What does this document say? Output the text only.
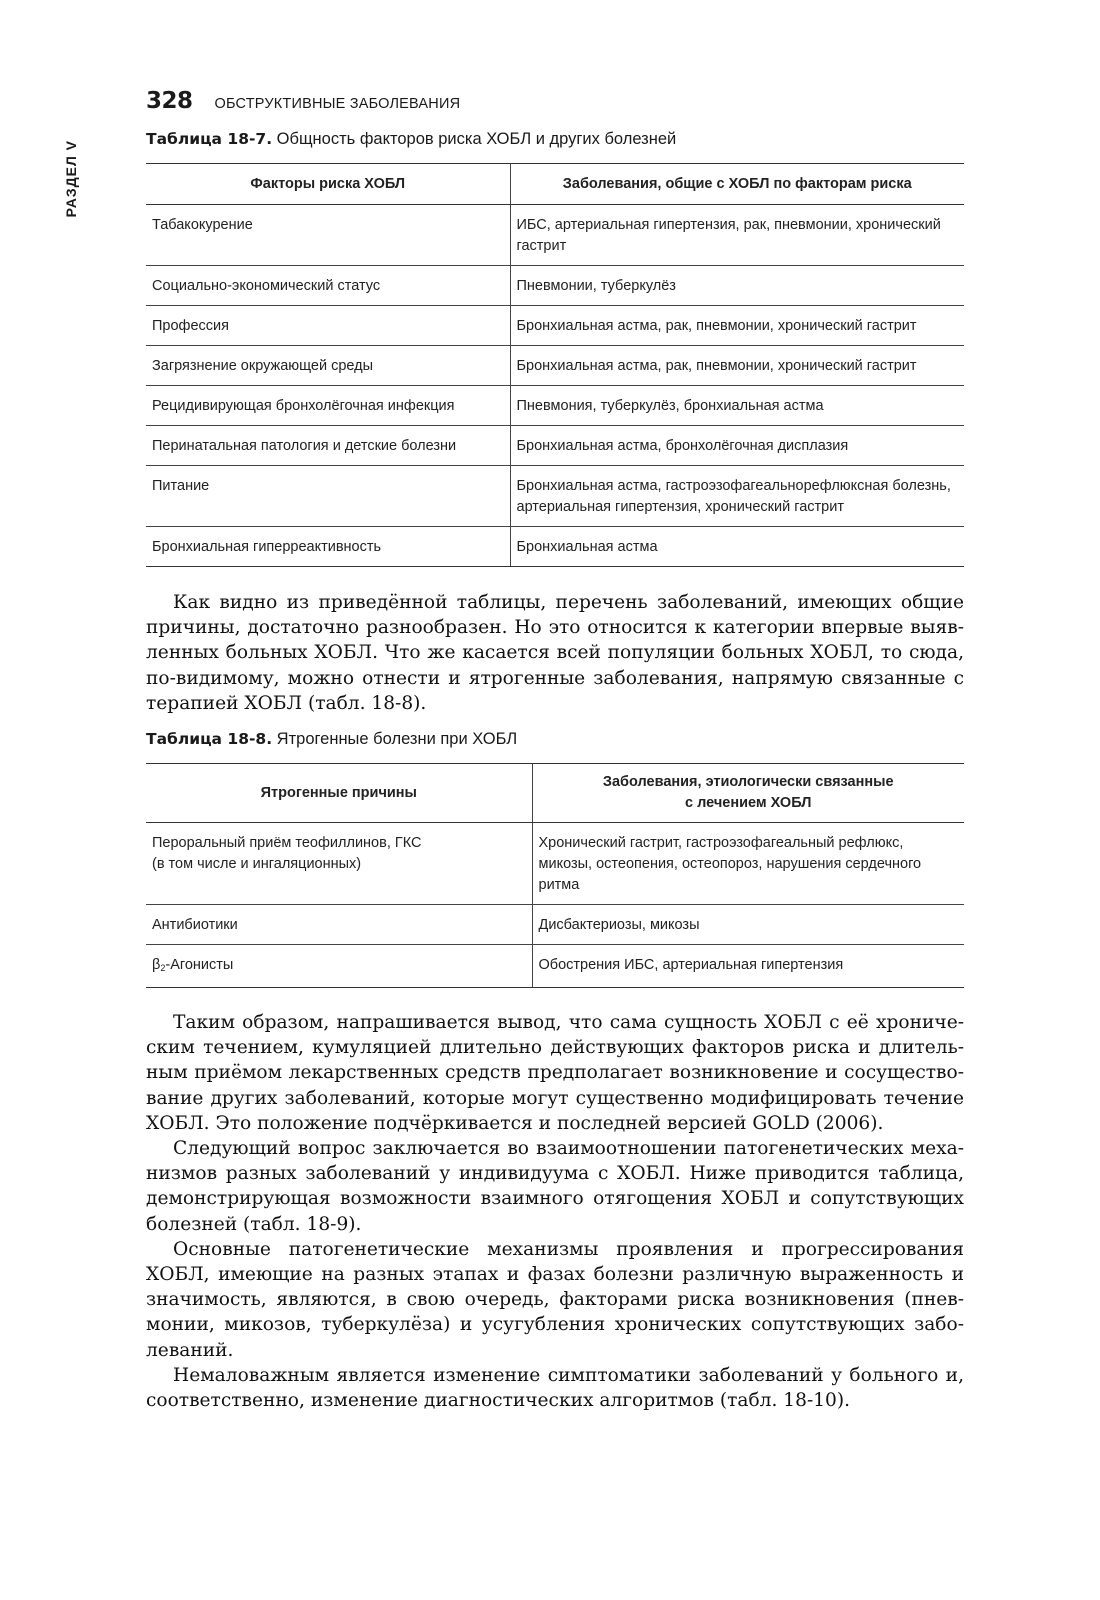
РАЗДЕЛ V
328 ОБСТРУКТИВНЫЕ ЗАБОЛЕВАНИЯ
Таблица 18-7. Общность факторов риска ХОБЛ и других болезней
Факторы риска ХОБЛ	Заболевания, общие с ХОБЛ по факторам риска
Табакокурение	ИБС, артериальная гипертензия, рак, пневмонии, хронический гастрит
Социально-экономический статус	Пневмонии, туберкулёз
Профессия	Бронхиальная астма, рак, пневмонии, хронический гастрит
Загрязнение окружающей среды	Бронхиальная астма, рак, пневмонии, хронический гастрит
Рецидивирующая бронхолёгочная инфекция	Пневмония, туберкулёз, бронхиальная астма
Перинатальная патология и детские болезни	Бронхиальная астма, бронхолёгочная дисплазия
Питание	Бронхиальная астма, гастроэзофагеальнорефлюксная болезнь, артериальная гипертензия, хронический гастрит
Бронхиальная гиперреактивность	Бронхиальная астма

Как видно из приведённой таблицы, перечень заболеваний, имеющих общие причины, достаточно разнообразен. Но это относится к категории впервые выявленных больных ХОБЛ. Что же касается всей популяции больных ХОБЛ, то сюда, по-видимому, можно отнести и ятрогенные заболевания, напрямую связанные с терапией ХОБЛ (табл. 18-8).

Таблица 18-8. Ятрогенные болезни при ХОБЛ
Ятрогенные причины	Заболевания, этиологически связанные
с лечением ХОБЛ
Пероральный приём теофиллинов, ГКС
(в том числе и ингаляционных)	Хронический гастрит, гастроэзофагеальный рефлюкс, микозы, остеопения, остеопороз, нарушения сердечного ритма
Антибиотики	Дисбактериозы, микозы
$\beta_2$-Агонисты	Обострения ИБС, артериальная гипертензия

Таким образом, напрашивается вывод, что сама сущность ХОБЛ с её хроническим течением, кумуляцией длительно действующих факторов риска и длительным приёмом лекарственных средств предполагает возникновение и сосуществование других заболеваний, которые могут существенно модифицировать течение ХОБЛ. Это положение подчёркивается и последней версией GOLD (2006).

Следующий вопрос заключается во взаимоотношении патогенетических механизмов разных заболеваний у индивидуума с ХОБЛ. Ниже приводится таблица, демонстрирующая возможности взаимного отягощения ХОБЛ и сопутствующих болезней (табл. 18-9).

Основные патогенетические механизмы проявления и прогрессирования ХОБЛ, имеющие на разных этапах и фазах болезни различную выраженность и значимость, являются, в свою очередь, факторами риска возникновения (пневмонии, микозов, туберкулёза) и усугубления хронических сопутствующих заболеваний.

Немаловажным является изменение симптоматики заболеваний у больного и, соответственно, изменение диагностических алгоритмов (табл. 18-10).
